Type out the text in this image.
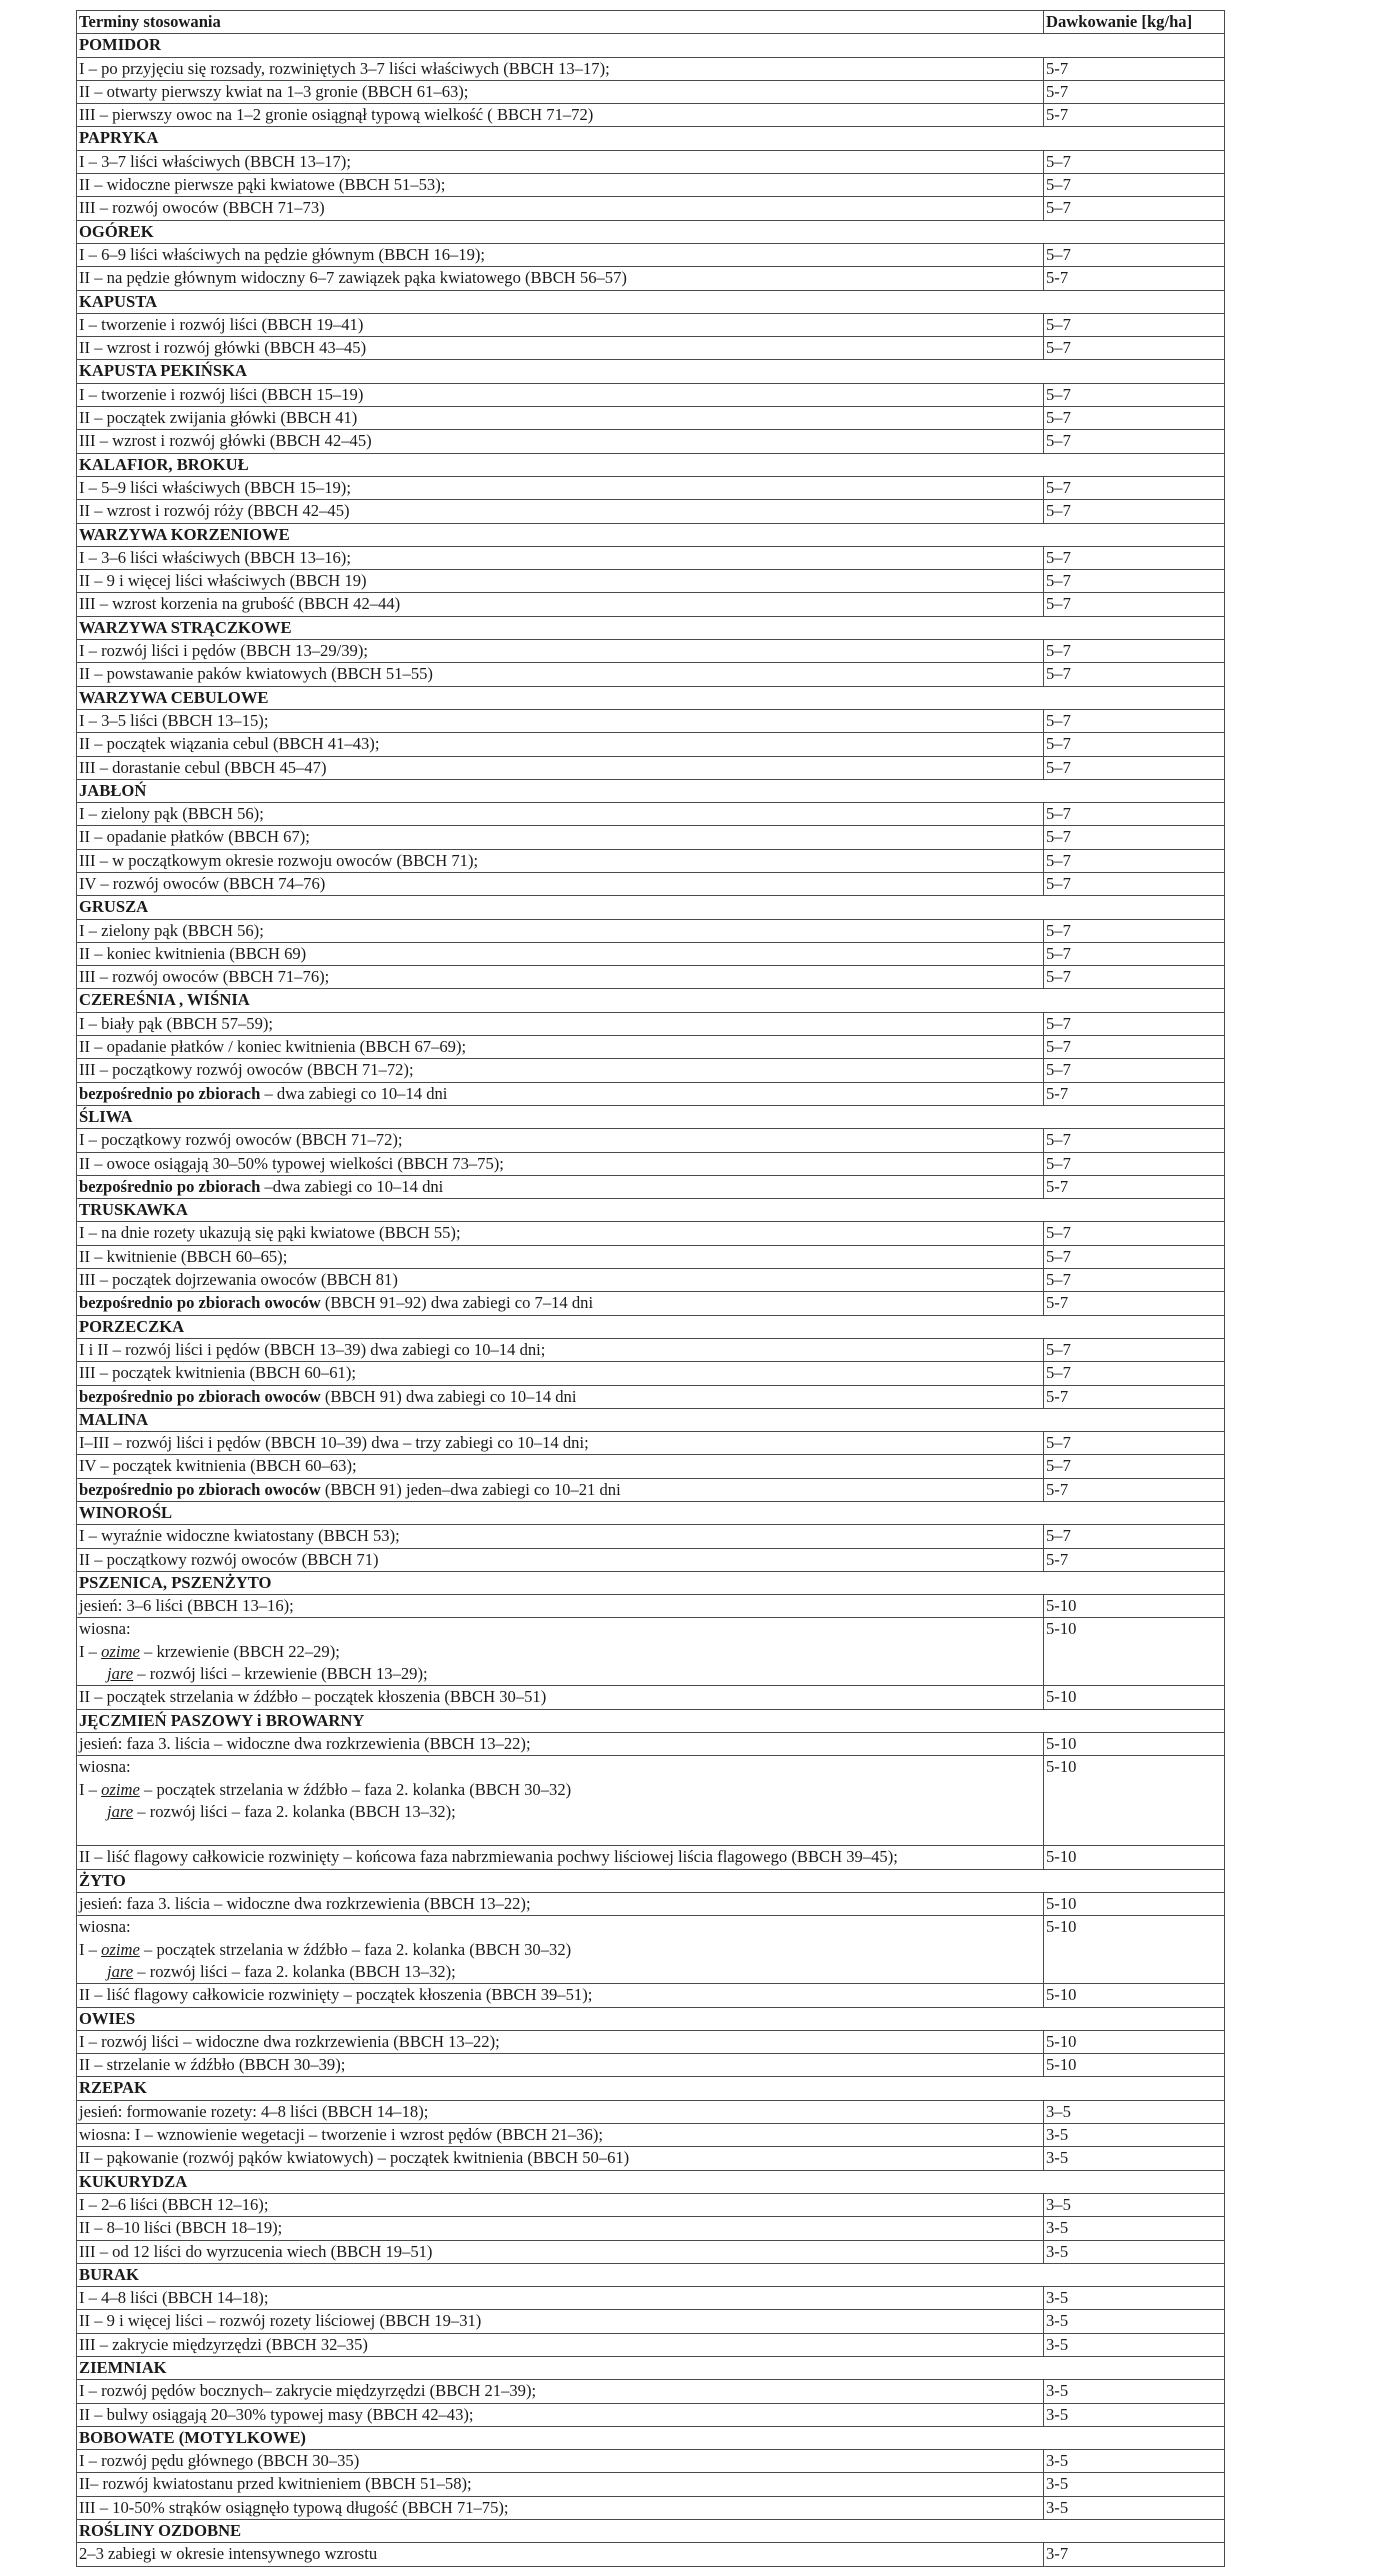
Terminy stosowania	Dawkowanie [kg/ha]
POMIDOR	
I – po przyjęciu się rozsady, rozwiniętych 3–7 liści właściwych (BBCH 13–17);	5-7
II – otwarty pierwszy kwiat na 1–3 gronie (BBCH 61–63);	5-7
III – pierwszy owoc na 1–2 gronie osiągnął typową wielkość ( BBCH 71–72)	5-7
PAPRYKA	
I – 3–7 liści właściwych (BBCH 13–17);	5–7
II – widoczne pierwsze pąki kwiatowe (BBCH 51–53);	5–7
III – rozwój owoców (BBCH 71–73)	5–7
OGÓREK	
I – 6–9 liści właściwych na pędzie głównym (BBCH 16–19);	5–7
II – na pędzie głównym widoczny 6–7 zawiązek pąka kwiatowego (BBCH 56–57)	5-7
KAPUSTA	
I – tworzenie i rozwój liści (BBCH 19–41)	5–7
II – wzrost i rozwój główki (BBCH 43–45)	5–7
KAPUSTA PEKIŃSKA	
I – tworzenie i rozwój liści (BBCH 15–19)	5–7
II – początek zwijania główki (BBCH 41)	5–7
III – wzrost i rozwój główki (BBCH 42–45)	5–7
KALAFIOR, BROKUŁ	
I – 5–9 liści właściwych (BBCH 15–19);	5–7
II – wzrost i rozwój róży (BBCH 42–45)	5–7
WARZYWA KORZENIOWE	
I – 3–6 liści właściwych (BBCH 13–16);	5–7
II – 9 i więcej liści właściwych (BBCH 19)	5–7
III – wzrost korzenia na grubość (BBCH 42–44)	5–7
WARZYWA STRĄCZKOWE	
I – rozwój liści i pędów (BBCH 13–29/39);	5–7
II – powstawanie paków kwiatowych (BBCH 51–55)	5–7
WARZYWA CEBULOWE	
I – 3–5 liści (BBCH 13–15);	5–7
II – początek wiązania cebul (BBCH 41–43);	5–7
III – dorastanie cebul (BBCH 45–47)	5–7
JABŁOŃ	
I – zielony pąk (BBCH 56);	5–7
II – opadanie płatków (BBCH 67);	5–7
III – w początkowym okresie rozwoju owoców (BBCH 71);	5–7
IV – rozwój owoców (BBCH 74–76)	5–7
GRUSZA	
I – zielony pąk (BBCH 56);	5–7
II – koniec kwitnienia (BBCH 69)	5–7
III – rozwój owoców (BBCH 71–76);	5–7
CZEREŚNIA , WIŚNIA	
I – biały pąk (BBCH 57–59);	5–7
II – opadanie płatków / koniec kwitnienia (BBCH 67–69);	5–7
III – początkowy rozwój owoców (BBCH 71–72);	5–7
bezpośrednio po zbiorach – dwa zabiegi co 10–14 dni	5-7
ŚLIWA	
I – początkowy rozwój owoców (BBCH 71–72);	5–7
II – owoce osiągają 30–50% typowej wielkości (BBCH 73–75);	5–7
bezpośrednio po zbiorach –dwa zabiegi co 10–14 dni	5-7
TRUSKAWKA	
I – na dnie rozety ukazują się pąki kwiatowe (BBCH 55);	5–7
II – kwitnienie (BBCH 60–65);	5–7
III – początek dojrzewania owoców (BBCH 81)	5–7
bezpośrednio po zbiorach owoców (BBCH 91–92) dwa zabiegi co 7–14 dni	5-7
PORZECZKA	
I i II – rozwój liści i pędów (BBCH 13–39) dwa zabiegi co 10–14 dni;	5–7
III – początek kwitnienia (BBCH 60–61);	5–7
bezpośrednio po zbiorach owoców (BBCH 91) dwa zabiegi co 10–14 dni	5-7
MALINA	
I–III – rozwój liści i pędów (BBCH 10–39) dwa – trzy zabiegi co 10–14 dni;	5–7
IV – początek kwitnienia (BBCH 60–63);	5–7
bezpośrednio po zbiorach owoców (BBCH 91) jeden–dwa zabiegi co 10–21 dni	5-7
WINOROŚL	
I – wyraźnie widoczne kwiatostany (BBCH 53);	5–7
II – początkowy rozwój owoców (BBCH 71)	5-7
PSZENICA, PSZENŻYTO	
jesień: 3–6 liści (BBCH 13–16);	5-10

wiosna:
I – ozime – krzewienie (BBCH 22–29);
jare – rozwój liści – krzewienie (BBCH 13–29);	5-10
II – początek strzelania w źdźbło – początek kłoszenia (BBCH 30–51)	5-10
JĘCZMIEŃ PASZOWY i BROWARNY	
jesień: faza 3. liścia – widoczne dwa rozkrzewienia (BBCH 13–22);	5-10

wiosna:
I – ozime – początek strzelania w źdźbło – faza 2. kolanka (BBCH 30–32)
jare – rozwój liści – faza 2. kolanka (BBCH 13–32);	5-10
II – liść flagowy całkowicie rozwinięty – końcowa faza nabrzmiewania pochwy liściowej liścia flagowego (BBCH 39–45);	5-10
ŻYTO	
jesień: faza 3. liścia – widoczne dwa rozkrzewienia (BBCH 13–22);	5-10

wiosna:
I – ozime – początek strzelania w źdźbło – faza 2. kolanka (BBCH 30–32)
jare – rozwój liści – faza 2. kolanka (BBCH 13–32);	5-10
II – liść flagowy całkowicie rozwinięty – początek kłoszenia (BBCH 39–51);	5-10
OWIES	
I – rozwój liści – widoczne dwa rozkrzewienia (BBCH 13–22);	5-10
II – strzelanie w źdźbło (BBCH 30–39);	5-10
RZEPAK	
jesień: formowanie rozety: 4–8 liści (BBCH 14–18);	3–5
wiosna: I – wznowienie wegetacji – tworzenie i wzrost pędów (BBCH 21–36);	3-5
II – pąkowanie (rozwój pąków kwiatowych) – początek kwitnienia (BBCH 50–61)	3-5
KUKURYDZA	
I – 2–6 liści (BBCH 12–16);	3–5
II – 8–10 liści (BBCH 18–19);	3-5
III – od 12 liści do wyrzucenia wiech (BBCH 19–51)	3-5
BURAK	
I – 4–8 liści (BBCH 14–18);	3-5
II – 9 i więcej liści – rozwój rozety liściowej (BBCH 19–31)	3-5
III – zakrycie międzyrzędzi (BBCH 32–35)	3-5
ZIEMNIAK	
I – rozwój pędów bocznych– zakrycie międzyrzędzi (BBCH 21–39);	3-5
II – bulwy osiągają 20–30% typowej masy (BBCH 42–43);	3-5
BOBOWATE (MOTYLKOWE)	
I – rozwój pędu głównego (BBCH 30–35)	3-5
II– rozwój kwiatostanu przed kwitnieniem (BBCH 51–58);	3-5
III – 10-50% strąków osiągnęło typową długość (BBCH 71–75);	3-5
ROŚLINY OZDOBNE	
2–3 zabiegi w okresie intensywnego wzrostu	3-7
